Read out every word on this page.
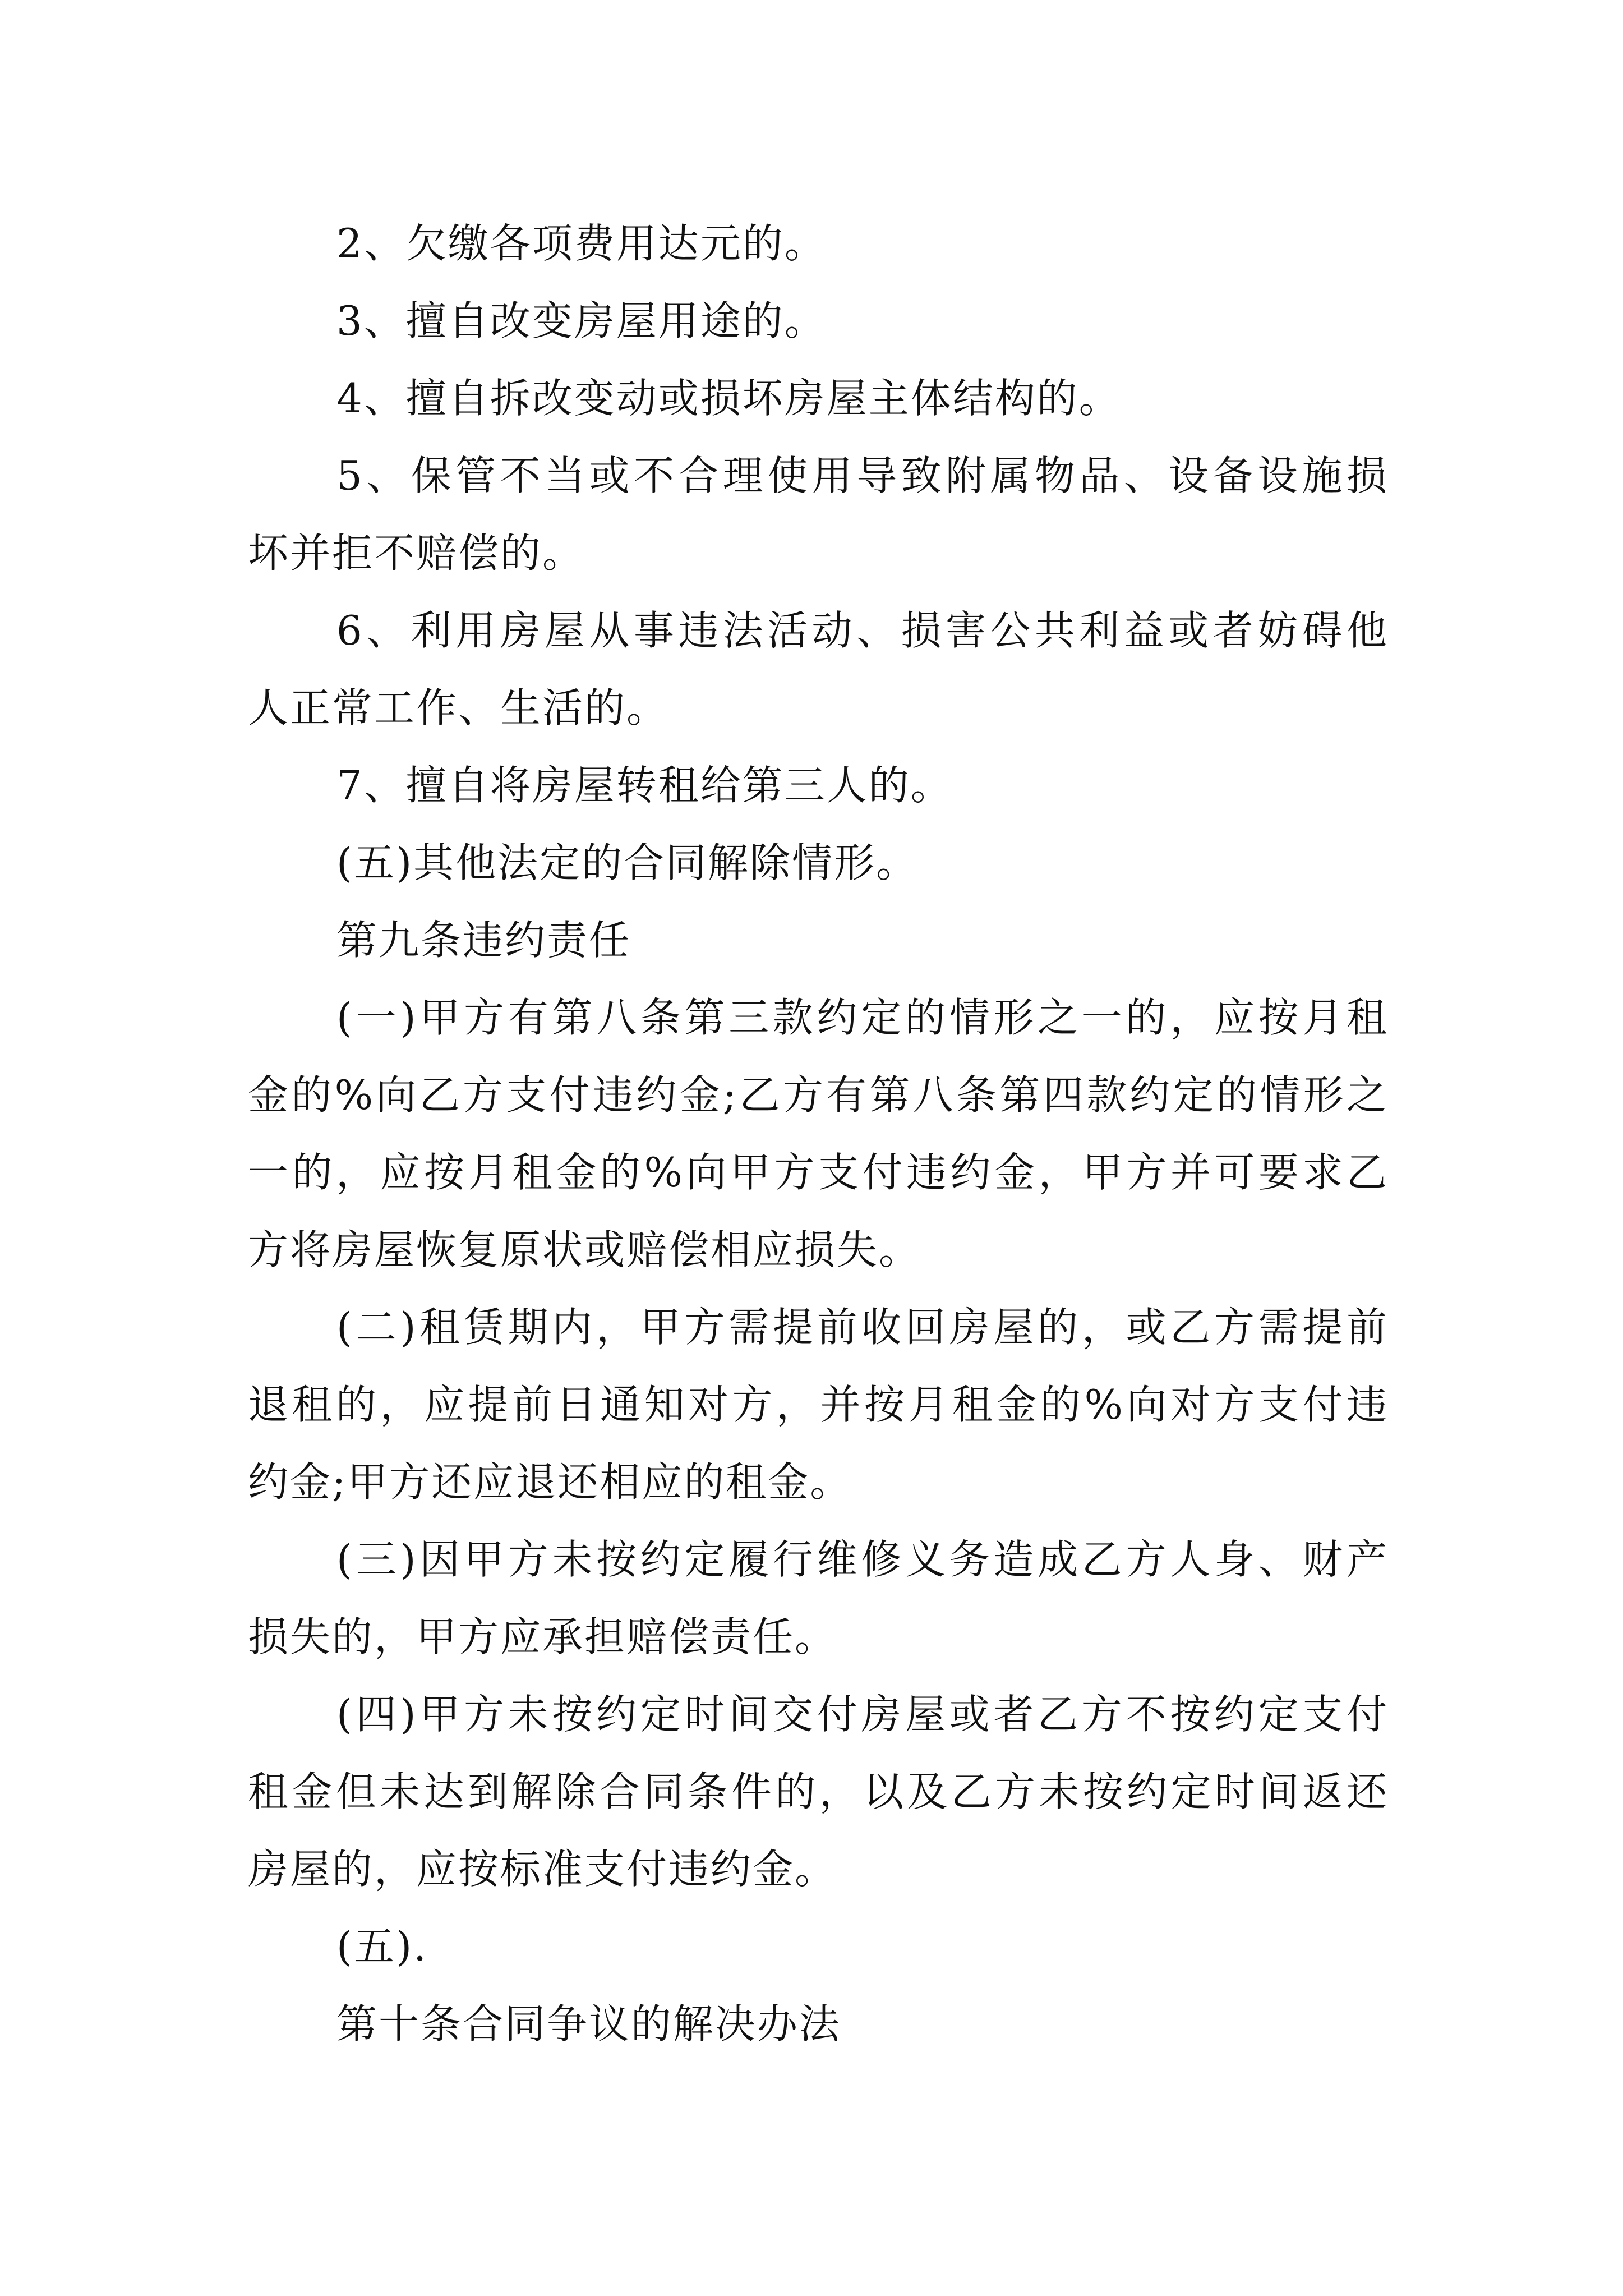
2、欠缴各项费用达元的。
3、擅自改变房屋用途的。
4、擅自拆改变动或损坏房屋主体结构的。
5、保管不当或不合理使用导致附属物品、设备设施损
坏并拒不赔偿的。
6、利用房屋从事违法活动、损害公共利益或者妨碍他
人正常工作、生活的。
7、擅自将房屋转租给第三人的。
(五)其他法定的合同解除情形。
第九条违约责任
(一)甲方有第八条第三款约定的情形之一的，应按月租
金的%向乙方支付违约金;乙方有第八条第四款约定的情形之
一的，应按月租金的%向甲方支付违约金，甲方并可要求乙
方将房屋恢复原状或赔偿相应损失。
(二)租赁期内，甲方需提前收回房屋的，或乙方需提前
退租的，应提前日通知对方，并按月租金的%向对方支付违
约金;甲方还应退还相应的租金。
(三)因甲方未按约定履行维修义务造成乙方人身、财产
损失的，甲方应承担赔偿责任。
(四)甲方未按约定时间交付房屋或者乙方不按约定支付
租金但未达到解除合同条件的，以及乙方未按约定时间返还
房屋的，应按标准支付违约金。
(五).
第十条合同争议的解决办法
